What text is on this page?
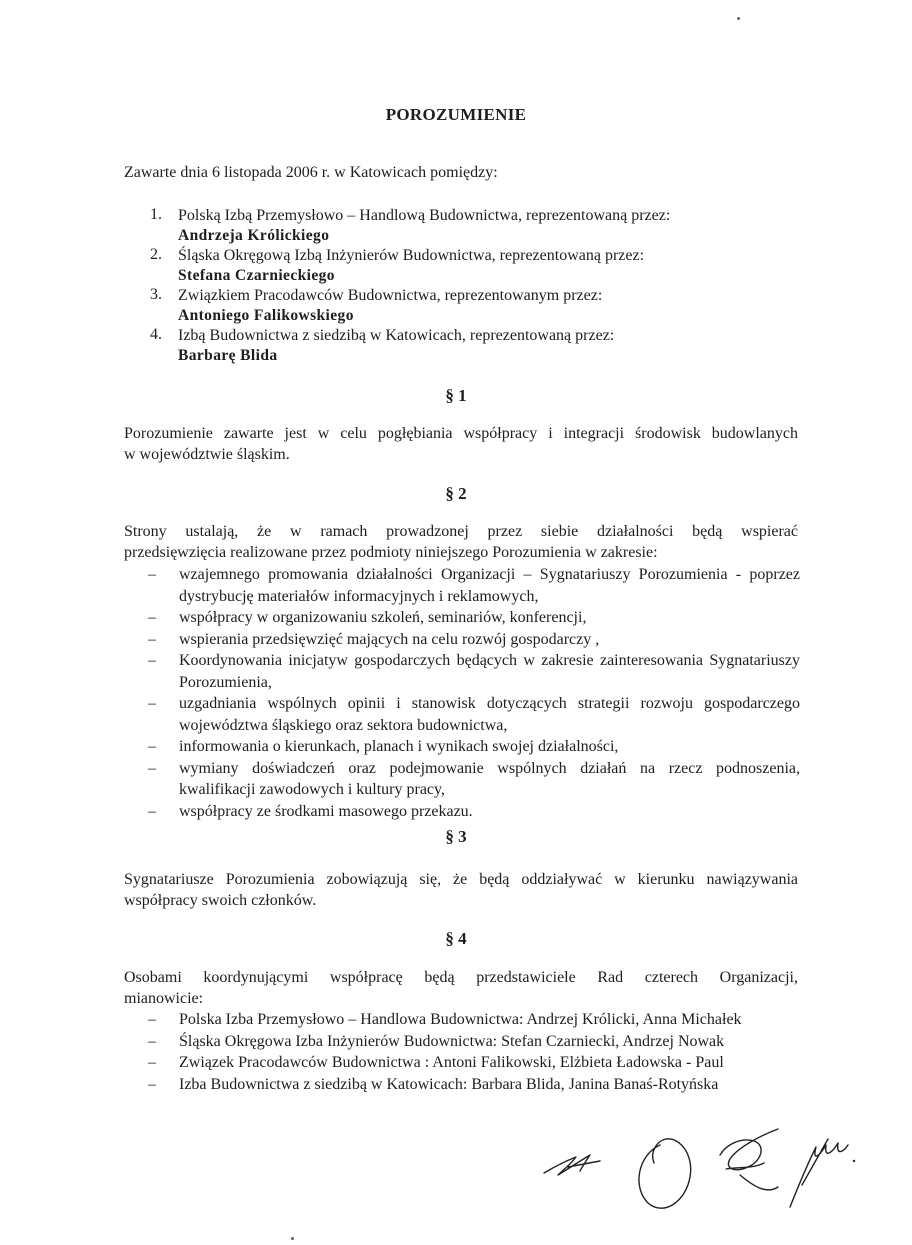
POROZUMIENIE
Zawarte dnia 6 listopada 2006 r. w Katowicach pomiędzy:
1. Polską Izbą Przemysłowo – Handlową Budownictwa, reprezentowaną przez:
Andrzeja Królickiego
2. Śląska Okręgową Izbą Inżynierów Budownictwa, reprezentowaną przez:
Stefana Czarnieckiego
3. Związkiem Pracodawców Budownictwa, reprezentowanym przez:
Antoniego Falikowskiego
4. Izbą Budownictwa z siedzibą w Katowicach, reprezentowaną przez:
Barbarę Blida
§ 1
Porozumienie zawarte jest w celu pogłębiania współpracy i integracji środowisk budowlanych
w województwie śląskim.
§ 2
Strony ustalają, że w ramach prowadzonej przez siebie działalności będą wspierać
przedsięwzięcia realizowane przez podmioty niniejszego Porozumienia w zakresie:
– wzajemnego promowania działalności Organizacji – Sygnatariuszy Porozumienia - poprzez dystrybucję materiałów informacyjnych i reklamowych,
– współpracy w organizowaniu szkoleń, seminariów, konferencji,
– wspierania przedsięwzięć mających na celu rozwój gospodarczy ,
– Koordynowania inicjatyw gospodarczych będących w zakresie zainteresowania Sygnatariuszy Porozumienia,
– uzgadniania wspólnych opinii i stanowisk dotyczących strategii rozwoju gospodarczego województwa śląskiego oraz sektora budownictwa,
– informowania o kierunkach, planach i wynikach swojej działalności,
– wymiany doświadczeń oraz podejmowanie wspólnych działań na rzecz podnoszenia, kwalifikacji zawodowych i kultury pracy,
– współpracy ze środkami masowego przekazu.
§ 3
Sygnatariusze Porozumienia zobowiązują się, że będą oddziaływać w kierunku nawiązywania
współpracy swoich członków.
§ 4
Osobami koordynującymi współpracę będą przedstawiciele Rad czterech Organizacji,
mianowicie:
– Polska Izba Przemysłowo – Handlowa Budownictwa: Andrzej Królicki, Anna Michałek
– Śląska Okręgowa Izba Inżynierów Budownictwa: Stefan Czarniecki, Andrzej Nowak
– Związek Pracodawców Budownictwa : Antoni Falikowski, Elżbieta Ładowska - Paul
– Izba Budownictwa z siedzibą w Katowicach: Barbara Blida, Janina Banaś-Rotyńska
